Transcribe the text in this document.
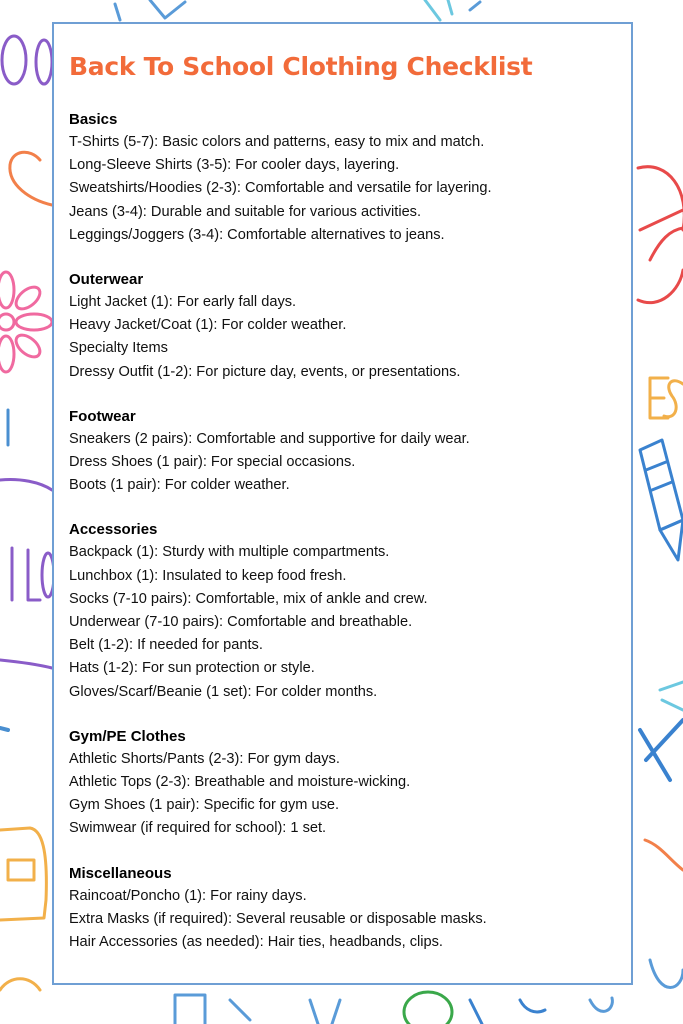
Back To School Clothing Checklist

Basics

T-Shirts (5-7): Basic colors and patterns, easy to mix and match.

Long-Sleeve Shirts (3-5): For cooler days, layering.

Sweatshirts/Hoodies (2-3): Comfortable and versatile for layering.

Jeans (3-4): Durable and suitable for various activities.

Leggings/Joggers (3-4): Comfortable alternatives to jeans.

Outerwear

Light Jacket (1): For early fall days.

Heavy Jacket/Coat (1): For colder weather.

Specialty Items

Dressy Outfit (1-2): For picture day, events, or presentations.

Footwear

Sneakers (2 pairs): Comfortable and supportive for daily wear.

Dress Shoes (1 pair): For special occasions.

Boots (1 pair): For colder weather.

Accessories

Backpack (1): Sturdy with multiple compartments.

Lunchbox (1): Insulated to keep food fresh.

Socks (7-10 pairs): Comfortable, mix of ankle and crew.

Underwear (7-10 pairs): Comfortable and breathable.

Belt (1-2): If needed for pants.

Hats (1-2): For sun protection or style.

Gloves/Scarf/Beanie (1 set): For colder months.

Gym/PE Clothes

Athletic Shorts/Pants (2-3): For gym days.

Athletic Tops (2-3): Breathable and moisture-wicking.

Gym Shoes (1 pair): Specific for gym use.

Swimwear (if required for school): 1 set.

Miscellaneous

Raincoat/Poncho (1): For rainy days.

Extra Masks (if required): Several reusable or disposable masks.

Hair Accessories (as needed): Hair ties, headbands, clips.
